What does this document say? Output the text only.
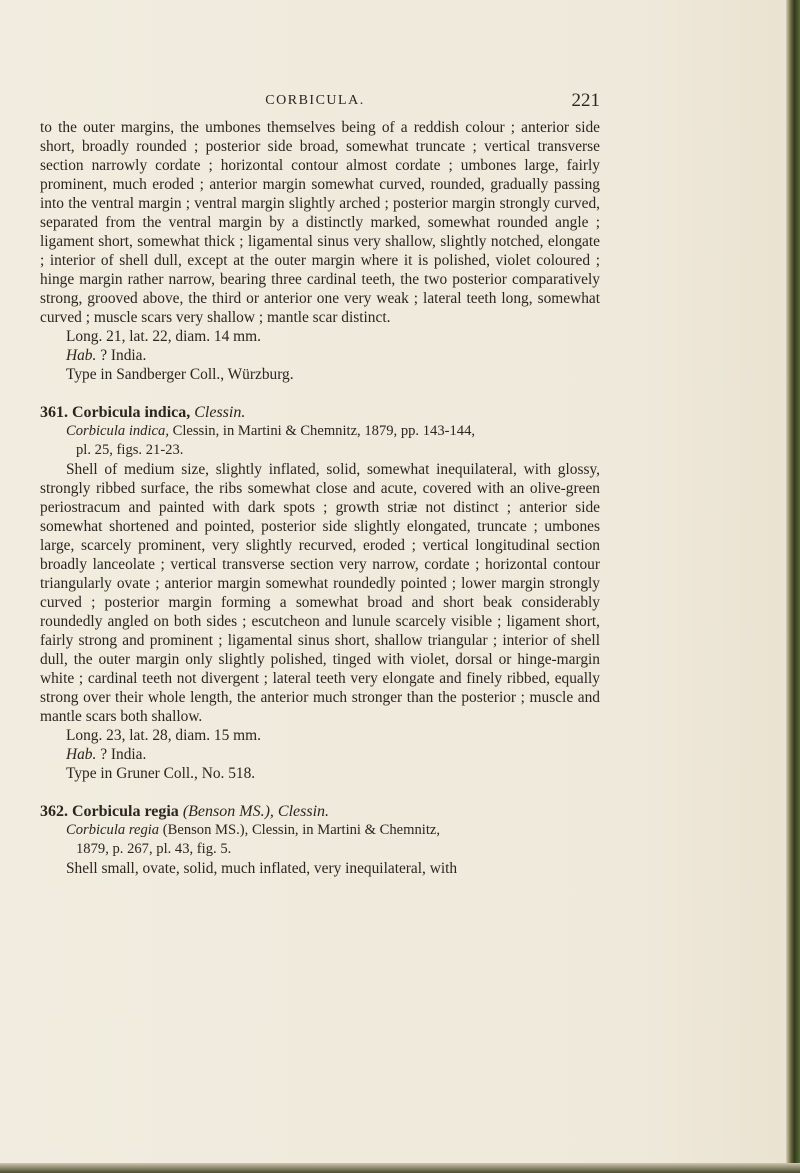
CORBICULA.	221

to the outer margins, the umbones themselves being of a reddish colour ; anterior side short, broadly rounded ; posterior side broad, somewhat truncate ; vertical transverse section narrowly cordate ; horizontal contour almost cordate ; umbones large, fairly prominent, much eroded ; anterior margin somewhat curved, rounded, gradually passing into the ventral margin ; ventral margin slightly arched ; posterior margin strongly curved, separated from the ventral margin by a distinctly marked, somewhat rounded angle ; ligament short, somewhat thick ; ligamental sinus very shallow, slightly notched, elongate ; interior of shell dull, except at the outer margin where it is polished, violet coloured ; hinge margin rather narrow, bearing three cardinal teeth, the two posterior comparatively strong, grooved above, the third or anterior one very weak ; lateral teeth long, somewhat curved ; muscle scars very shallow ; mantle scar distinct.

Long. 21, lat. 22, diam. 14 mm.

Hab. ? India.

Type in Sandberger Coll., Würzburg.

361. Corbicula indica, Clessin.

Corbicula indica, Clessin, in Martini & Chemnitz, 1879, pp. 143-144,
pl. 25, figs. 21-23.

Shell of medium size, slightly inflated, solid, somewhat inequilateral, with glossy, strongly ribbed surface, the ribs somewhat close and acute, covered with an olive-green periostracum and painted with dark spots ; growth striæ not distinct ; anterior side somewhat shortened and pointed, posterior side slightly elongated, truncate ; umbones large, scarcely prominent, very slightly recurved, eroded ; vertical longitudinal section broadly lanceolate ; vertical transverse section very narrow, cordate ; horizontal contour triangularly ovate ; anterior margin somewhat roundedly pointed ; lower margin strongly curved ; posterior margin forming a somewhat broad and short beak considerably roundedly angled on both sides ; escutcheon and lunule scarcely visible ; ligament short, fairly strong and prominent ; ligamental sinus short, shallow triangular ; interior of shell dull, the outer margin only slightly polished, tinged with violet, dorsal or hinge-margin white ; cardinal teeth not divergent ; lateral teeth very elongate and finely ribbed, equally strong over their whole length, the anterior much stronger than the posterior ; muscle and mantle scars both shallow.

Long. 23, lat. 28, diam. 15 mm.

Hab. ? India.

Type in Gruner Coll., No. 518.

362. Corbicula regia (Benson MS.), Clessin.

Corbicula regia (Benson MS.), Clessin, in Martini & Chemnitz,
1879, p. 267, pl. 43, fig. 5.

Shell small, ovate, solid, much inflated, very inequilateral, with
